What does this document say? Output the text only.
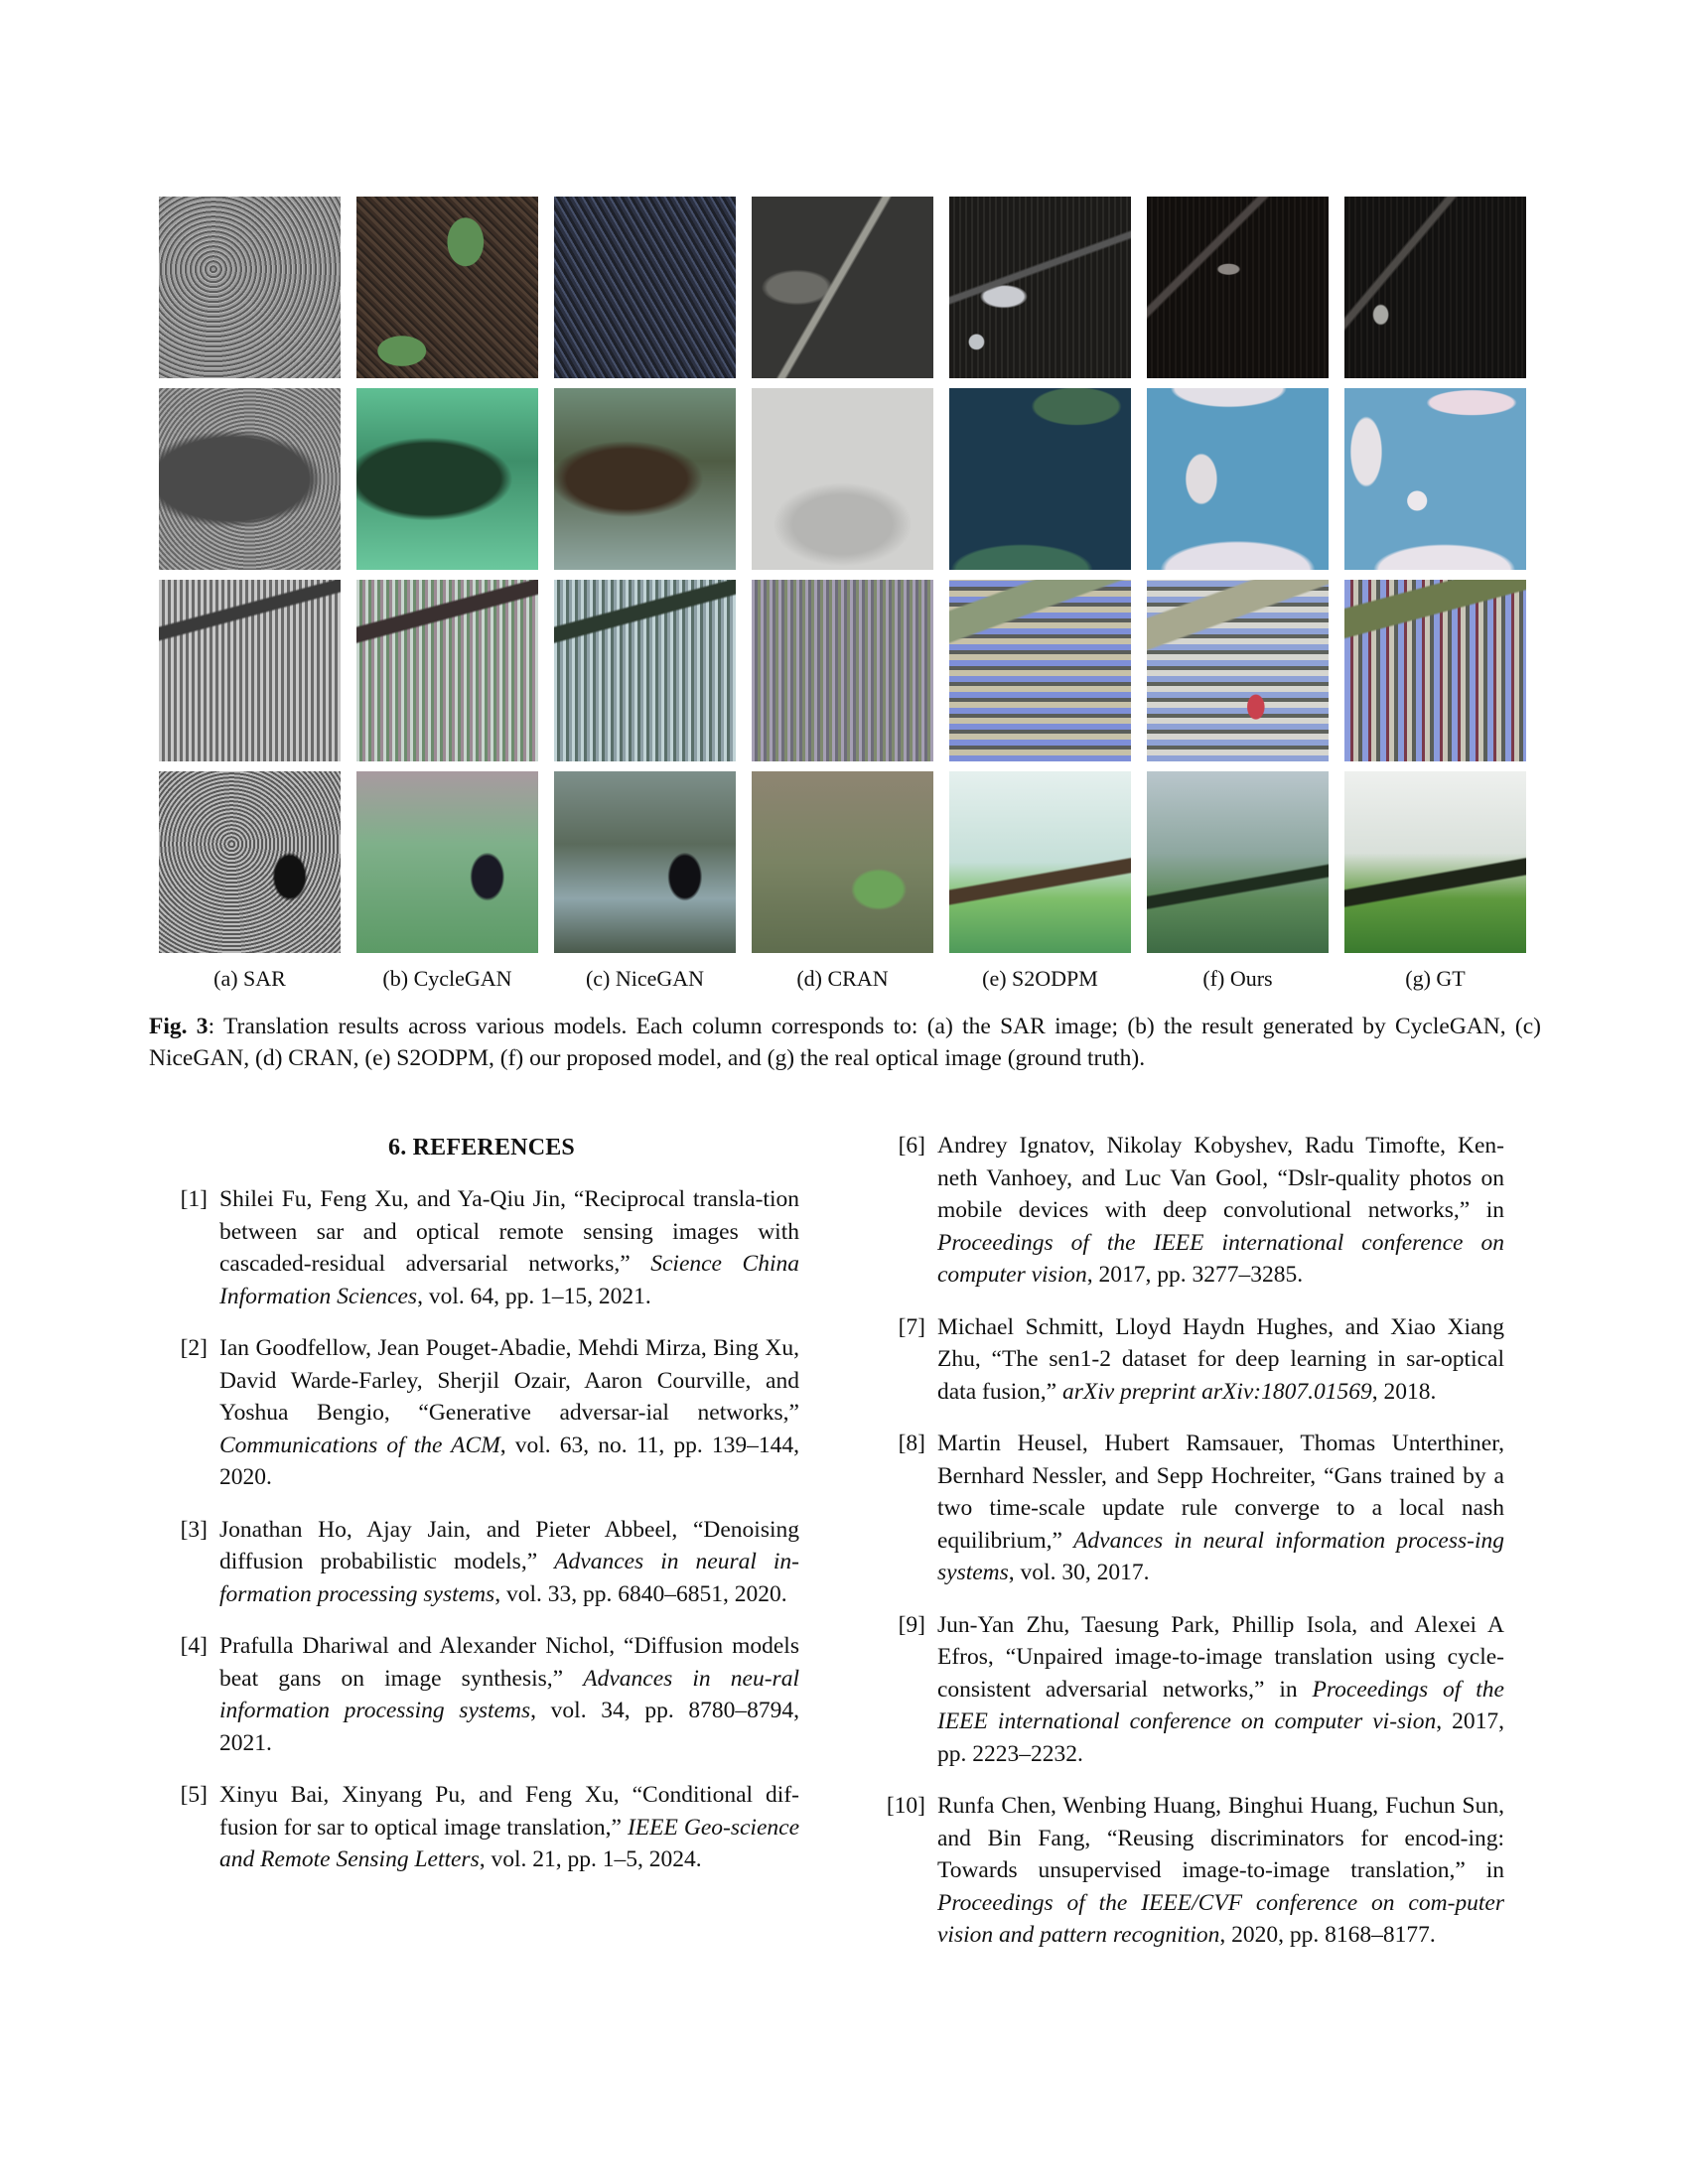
(a) SAR	(b) CycleGAN	(c) NiceGAN	(d) CRAN	(e) S2ODPM	(f) Ours	(g) GT
Fig. 3: Translation results across various models. Each column corresponds to: (a) the SAR image; (b) the result generated by CycleGAN, (c) NiceGAN, (d) CRAN, (e) S2ODPM, (f) our proposed model, and (g) the real optical image (ground truth).
6. REFERENCES
[1] Shilei Fu, Feng Xu, and Ya-Qiu Jin, “Reciprocal transla-tion between sar and optical remote sensing images with cascaded-residual adversarial networks,” Science China Information Sciences, vol. 64, pp. 1–15, 2021.
[2] Ian Goodfellow, Jean Pouget-Abadie, Mehdi Mirza, Bing Xu, David Warde-Farley, Sherjil Ozair, Aaron Courville, and Yoshua Bengio, “Generative adversar-ial networks,” Communications of the ACM, vol. 63, no. 11, pp. 139–144, 2020.
[3] Jonathan Ho, Ajay Jain, and Pieter Abbeel, “Denoising diffusion probabilistic models,” Advances in neural in-formation processing systems, vol. 33, pp. 6840–6851, 2020.
[4] Prafulla Dhariwal and Alexander Nichol, “Diffusion models beat gans on image synthesis,” Advances in neu-ral information processing systems, vol. 34, pp. 8780–8794, 2021.
[5] Xinyu Bai, Xinyang Pu, and Feng Xu, “Conditional dif-fusion for sar to optical image translation,” IEEE Geo-science and Remote Sensing Letters, vol. 21, pp. 1–5, 2024.
[6] Andrey Ignatov, Nikolay Kobyshev, Radu Timofte, Ken-neth Vanhoey, and Luc Van Gool, “Dslr-quality photos on mobile devices with deep convolutional networks,” in Proceedings of the IEEE international conference on computer vision, 2017, pp. 3277–3285.
[7] Michael Schmitt, Lloyd Haydn Hughes, and Xiao Xiang Zhu, “The sen1-2 dataset for deep learning in sar-optical data fusion,” arXiv preprint arXiv:1807.01569, 2018.
[8] Martin Heusel, Hubert Ramsauer, Thomas Unterthiner, Bernhard Nessler, and Sepp Hochreiter, “Gans trained by a two time-scale update rule converge to a local nash equilibrium,” Advances in neural information process-ing systems, vol. 30, 2017.
[9] Jun-Yan Zhu, Taesung Park, Phillip Isola, and Alexei A Efros, “Unpaired image-to-image translation using cycle-consistent adversarial networks,” in Proceedings of the IEEE international conference on computer vi-sion, 2017, pp. 2223–2232.
[10] Runfa Chen, Wenbing Huang, Binghui Huang, Fuchun Sun, and Bin Fang, “Reusing discriminators for encod-ing: Towards unsupervised image-to-image translation,” in Proceedings of the IEEE/CVF conference on com-puter vision and pattern recognition, 2020, pp. 8168–8177.
